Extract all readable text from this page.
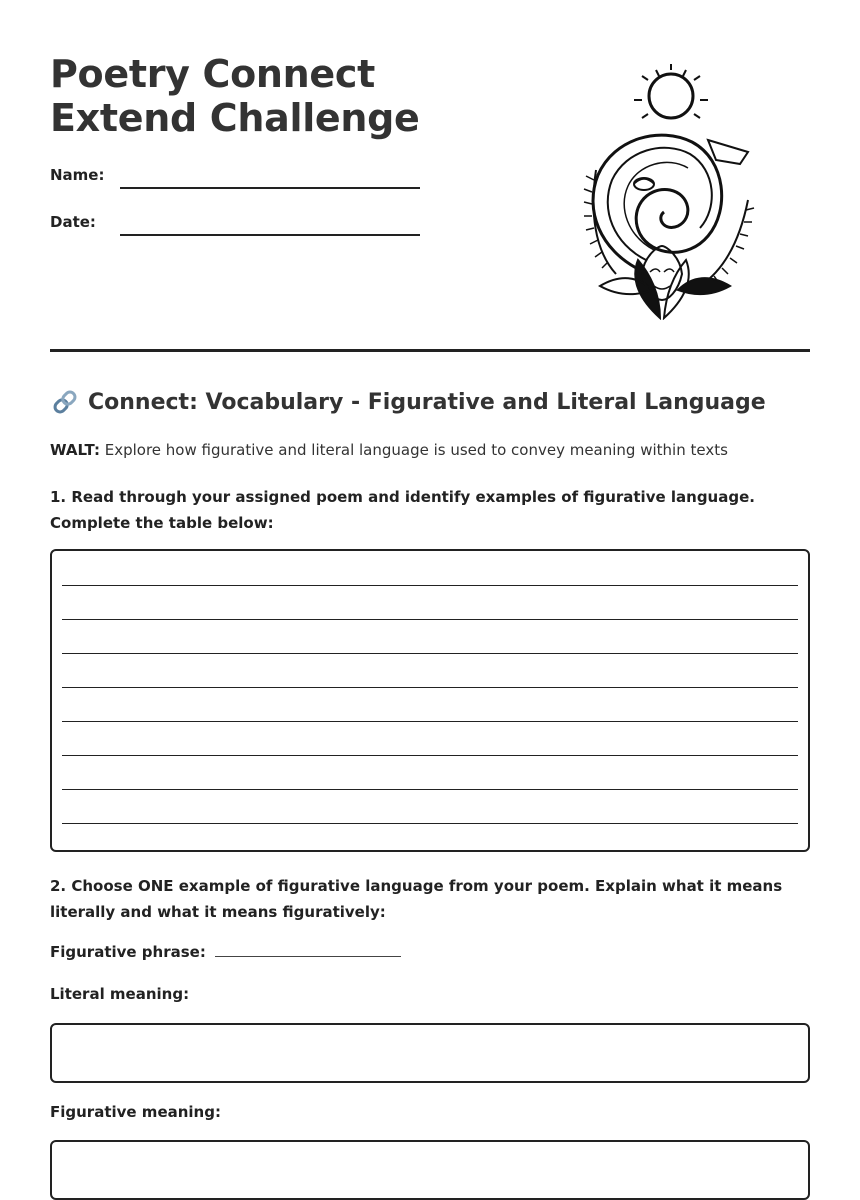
Poetry Connect Extend Challenge
Name:
Date:
Connect: Vocabulary - Figurative and Literal Language
WALT: Explore how figurative and literal language is used to convey meaning within texts

1. Read through your assigned poem and identify examples of figurative language. Complete the table below:

2. Choose ONE example of figurative language from your poem. Explain what it means literally and what it means figuratively:

Figurative phrase:
Literal meaning:
Figurative meaning:
